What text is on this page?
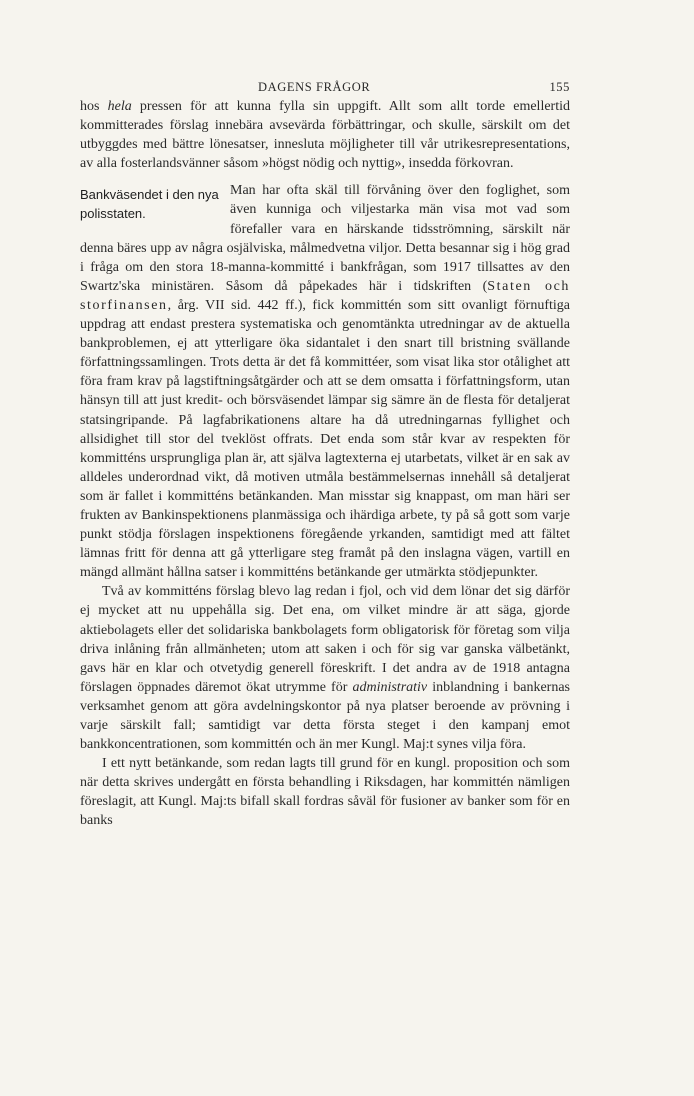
DAGENS FRÅGOR	155

hos hela pressen för att kunna fylla sin uppgift. Allt som allt torde emellertid kommitterades förslag innebära avsevärda förbättringar, och skulle, särskilt om det utbyggdes med bättre lönesatser, innesluta möjligheter till vår utrikesrepresentations, av alla fosterlandsvänner såsom »högst nödig och nyttig», insedda förkovran.

Bankväsendet i den nya polisstaten.
Man har ofta skäl till förvåning över den foglighet, som även kunniga och viljestarka män visa mot vad som förefaller vara en härskande tidsströmning, särskilt när denna bäres upp av några osjälviska, målmedvetna viljor. Detta besannar sig i hög grad i fråga om den stora 18-manna-kommitté i bankfrågan, som 1917 tillsattes av den Swartz'ska ministären. Såsom då påpekades här i tidskriften (Staten och storfinansen, årg. VII sid. 442 ff.), fick kommittén som sitt ovanligt förnuftiga uppdrag att endast prestera systematiska och genomtänkta utredningar av de aktuella bankproblemen, ej att ytterligare öka sidantalet i den snart till bristning svällande författningssamlingen. Trots detta är det få kommittéer, som visat lika stor otålighet att föra fram krav på lagstiftningsåtgärder och att se dem omsatta i författningsform, utan hänsyn till att just kredit- och börsväsendet lämpar sig sämre än de flesta för detaljerat statsingripande. På lagfabrikationens altare ha då utredningarnas fyllighet och allsidighet till stor del tveklöst offrats. Det enda som står kvar av respekten för kommitténs ursprungliga plan är, att själva lagtexterna ej utarbetats, vilket är en sak av alldeles underordnad vikt, då motiven utmåla bestämmelsernas innehåll så detaljerat som är fallet i kommitténs betänkanden. Man misstar sig knappast, om man häri ser frukten av Bankinspektionens planmässiga och ihärdiga arbete, ty på så gott som varje punkt stödja förslagen inspektionens föregående yrkanden, samtidigt med att fältet lämnas fritt för denna att gå ytterligare steg framåt på den inslagna vägen, vartill en mängd allmänt hållna satser i kommitténs betänkande ger utmärkta stödjepunkter.

Två av kommitténs förslag blevo lag redan i fjol, och vid dem lönar det sig därför ej mycket att nu uppehålla sig. Det ena, om vilket mindre är att säga, gjorde aktiebolagets eller det solidariska bankbolagets form obligatorisk för företag som vilja driva inlåning från allmänheten; utom att saken i och för sig var ganska välbetänkt, gavs här en klar och otvetydig generell föreskrift. I det andra av de 1918 antagna förslagen öppnades däremot ökat utrymme för administrativ inblandning i bankernas verksamhet genom att göra avdelningskontor på nya platser beroende av prövning i varje särskilt fall; samtidigt var detta första steget i den kampanj emot bankkoncentrationen, som kommittén och än mer Kungl. Maj:t synes vilja föra.

I ett nytt betänkande, som redan lagts till grund för en kungl. proposition och som när detta skrives undergått en första behandling i Riksdagen, har kommittén nämligen föreslagit, att Kungl. Maj:ts bifall skall fordras såväl för fusioner av banker som för en banks
